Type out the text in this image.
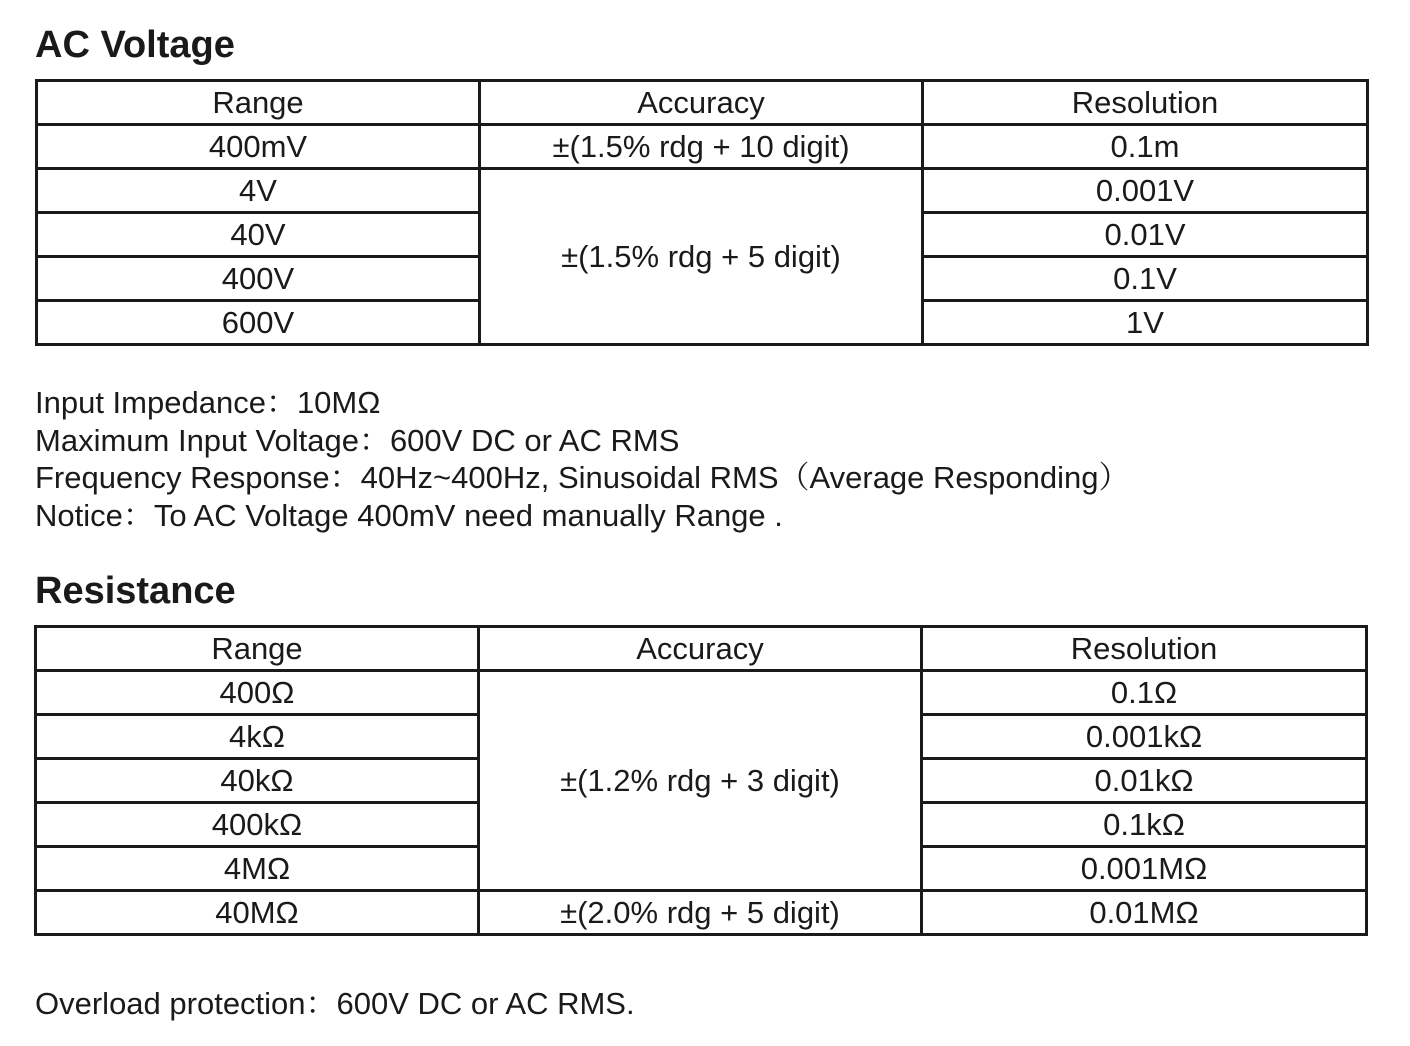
AC Voltage
Range	Accuracy	Resolution
400mV	±(1.5% rdg + 10 digit)	0.1m
4V	±(1.5% rdg + 5 digit)	0.001V
40V		0.01V
400V		0.1V
600V		1V
Input Impedance：10MΩ
Maximum Input Voltage：600V DC or AC RMS
Frequency Response：40Hz~400Hz, Sinusoidal RMS（Average Responding）
Notice：To AC Voltage 400mV need manually Range .
Resistance
Range	Accuracy	Resolution
400Ω	±(1.2% rdg + 3 digit)	0.1Ω
4kΩ		0.001kΩ
40kΩ		0.01kΩ
400kΩ		0.1kΩ
4MΩ		0.001MΩ
40MΩ	±(2.0% rdg + 5 digit)	0.01MΩ
Overload protection：600V DC or AC RMS.
